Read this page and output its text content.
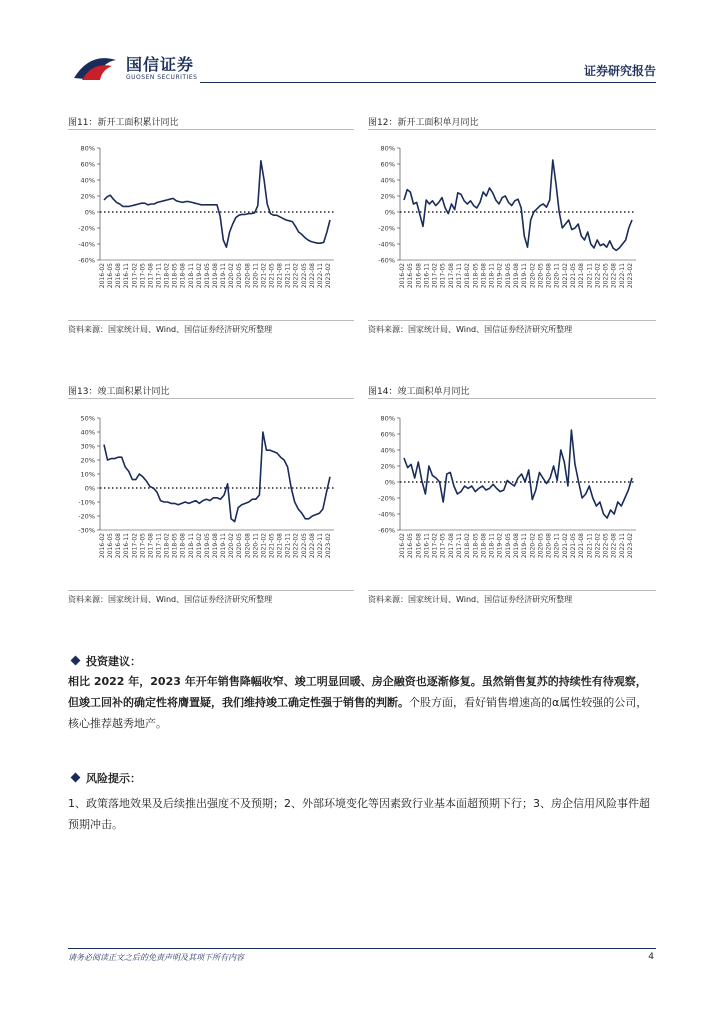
国信证券
GUOSEN SECURITIES	证券研究报告
图11：新开工面积累计同比	图12：新开工面积单月同比
图13：竣工面积累计同比	图14：竣工面积单月同比
80%
60%
40%
20%
0%
-20%
-40%
-60%
2016-02 2016-05 2016-08 2016-11 2017-02 2017-05 2017-08 2017-11 2018-02 2018-05 2018-08 2018-11 2019-02 2019-05 2019-08 2019-11 2020-02 2020-05 2020-08 2020-11 2021-02 2021-05 2021-08 2021-11 2022-02 2022-05 2022-08 2022-11 2023-02
80%
60%
40%
20%
0%
-20%
-40%
-60%
2016-02 2016-05 2016-08 2016-11 2017-02 2017-05 2017-08 2017-11 2018-02 2018-05 2018-08 2018-11 2019-02 2019-05 2019-08 2019-11 2020-02 2020-05 2020-08 2020-11 2021-02 2021-05 2021-08 2021-11 2022-02 2022-05 2022-08 2022-11 2023-02
50%
40%
30%
20%
10%
0%
-10%
-20%
-30%
2016-02 2016-05 2016-08 2016-11 2017-02 2017-05 2017-08 2017-11 2018-02 2018-05 2018-08 2018-11 2019-02 2019-05 2019-08 2019-11 2020-02 2020-05 2020-08 2020-11 2021-02 2021-05 2021-08 2021-11 2022-02 2022-05 2022-08 2022-11 2023-02
80%
60%
40%
20%
0%
-20%
-40%
-60%
2016-02 2016-05 2016-08 2016-11 2017-02 2017-05 2017-08 2017-11 2018-02 2018-05 2018-08 2018-11 2019-02 2019-05 2019-08 2019-11 2020-02 2020-05 2020-08 2020-11 2021-02 2021-05 2021-08 2021-11 2022-02 2022-05 2022-08 2022-11 2023-02
资料来源：国家统计局、Wind、国信证券经济研究所整理	资料来源：国家统计局、Wind、国信证券经济研究所整理
资料来源：国家统计局、Wind、国信证券经济研究所整理	资料来源：国家统计局、Wind、国信证券经济研究所整理
投资建议：
相比 2022 年，2023 年开年销售降幅收窄、竣工明显回暖、房企融资也逐渐修复。虽然销售复苏的持续性有待观察，但竣工回补的确定性将膺置疑，我们维持竣工确定性强于销售的判断。个股方面，看好销售增速高的α属性较强的公司，核心推荐越秀地产。
风险提示：
1、政策落地效果及后续推出强度不及预期；2、外部环境变化等因素致行业基本面超预期下行；3、房企信用风险事件超预期冲击。
请务必阅读正文之后的免责声明及其项下所有内容	4
